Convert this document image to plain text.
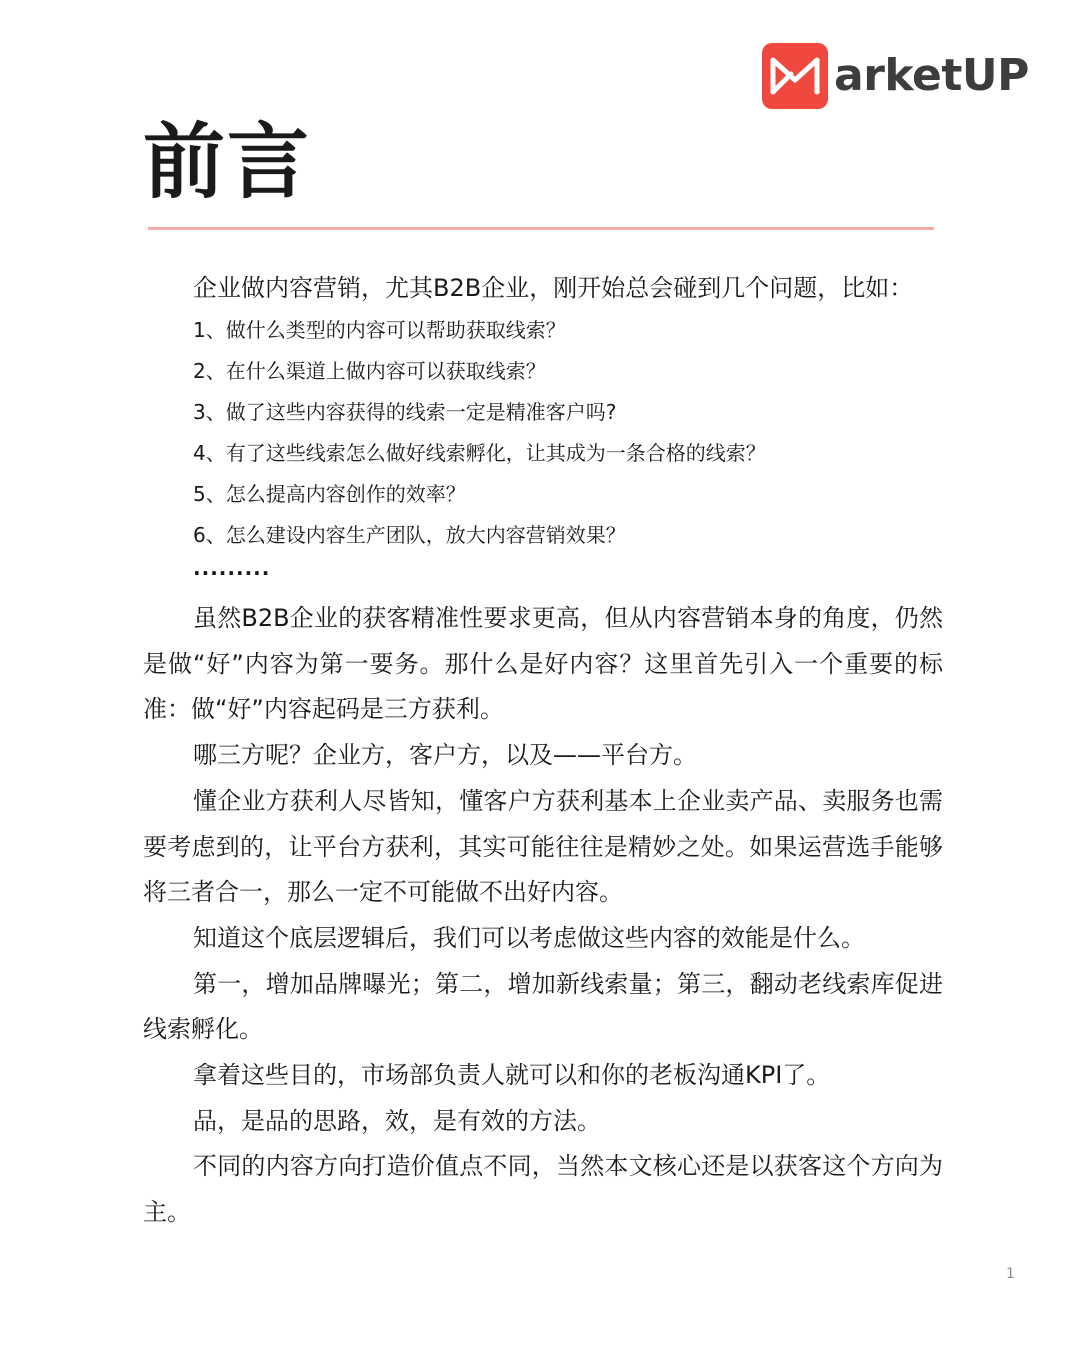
arketUP
前言

企业做内容营销，尤其B2B企业，刚开始总会碰到几个问题，比如：

1、做什么类型的内容可以帮助获取线索？

2、在什么渠道上做内容可以获取线索？

3、做了这些内容获得的线索一定是精准客户吗?

4、有了这些线索怎么做好线索孵化，让其成为一条合格的线索？

5、怎么提高内容创作的效率？

6、怎么建设内容生产团队，放大内容营销效果？

·········

虽然B2B企业的获客精准性要求更高，但从内容营销本身的角度，仍然是做“好”内容为第一要务。那什么是好内容？这里首先引入一个重要的标准：做“好”内容起码是三方获利。

哪三方呢？企业方，客户方，以及——平台方。

懂企业方获利人尽皆知，懂客户方获利基本上企业卖产品、卖服务也需要考虑到的，让平台方获利，其实可能往往是精妙之处。如果运营选手能够将三者合一，那么一定不可能做不出好内容。

知道这个底层逻辑后，我们可以考虑做这些内容的效能是什么。

第一，增加品牌曝光；第二，增加新线索量；第三，翻动老线索库促进线索孵化。

拿着这些目的，市场部负责人就可以和你的老板沟通KPI了。

品，是品的思路，效，是有效的方法。

不同的内容方向打造价值点不同，当然本文核心还是以获客这个方向为主。

1
